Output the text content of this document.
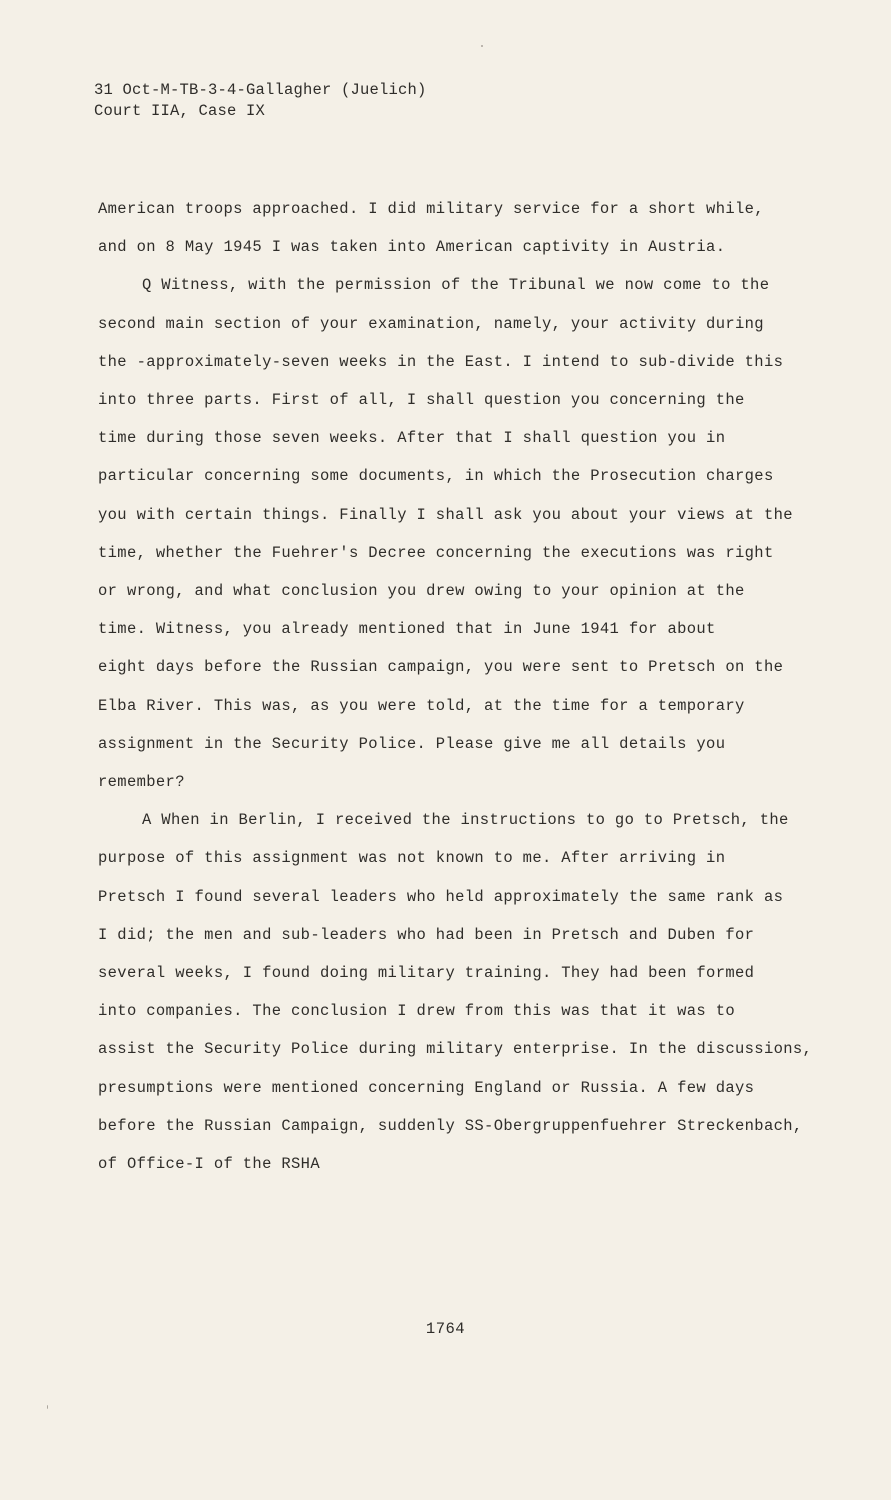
31 Oct-M-TB-3-4-Gallagher (Juelich)
Court IIA, Case IX
American troops approached. I did military service for a short while,
and on 8 May 1945 I was taken into American captivity in Austria.
Q Witness, with the permission of the Tribunal we now come to the
second main section of your examination, namely, your activity during
the -approximately-seven weeks in the East. I intend to sub-divide this
into three parts. First of all, I shall question you concerning the
time during those seven weeks. After that I shall question you in
particular concerning some documents, in which the Prosecution charges
you with certain things. Finally I shall ask you about your views at the
time, whether the Fuehrer's Decree concerning the executions was right
or wrong, and what conclusion you drew owing to your opinion at the
time. Witness, you already mentioned that in June 1941 for about
eight days before the Russian campaign, you were sent to Pretsch on the
Elba River. This was, as you were told, at the time for a temporary
assignment in the Security Police. Please give me all details you
remember?
A When in Berlin, I received the instructions to go to Pretsch, the
purpose of this assignment was not known to me. After arriving in
Pretsch I found several leaders who held approximately the same rank as
I did; the men and sub-leaders who had been in Pretsch and Duben for
several weeks, I found doing military training. They had been formed
into companies. The conclusion I drew from this was that it was to
assist the Security Police during military enterprise. In the discussions,
presumptions were mentioned concerning England or Russia. A few days
before the Russian Campaign, suddenly SS-Obergruppenfuehrer Streckenbach,
of Office-I of the RSHA
1764
